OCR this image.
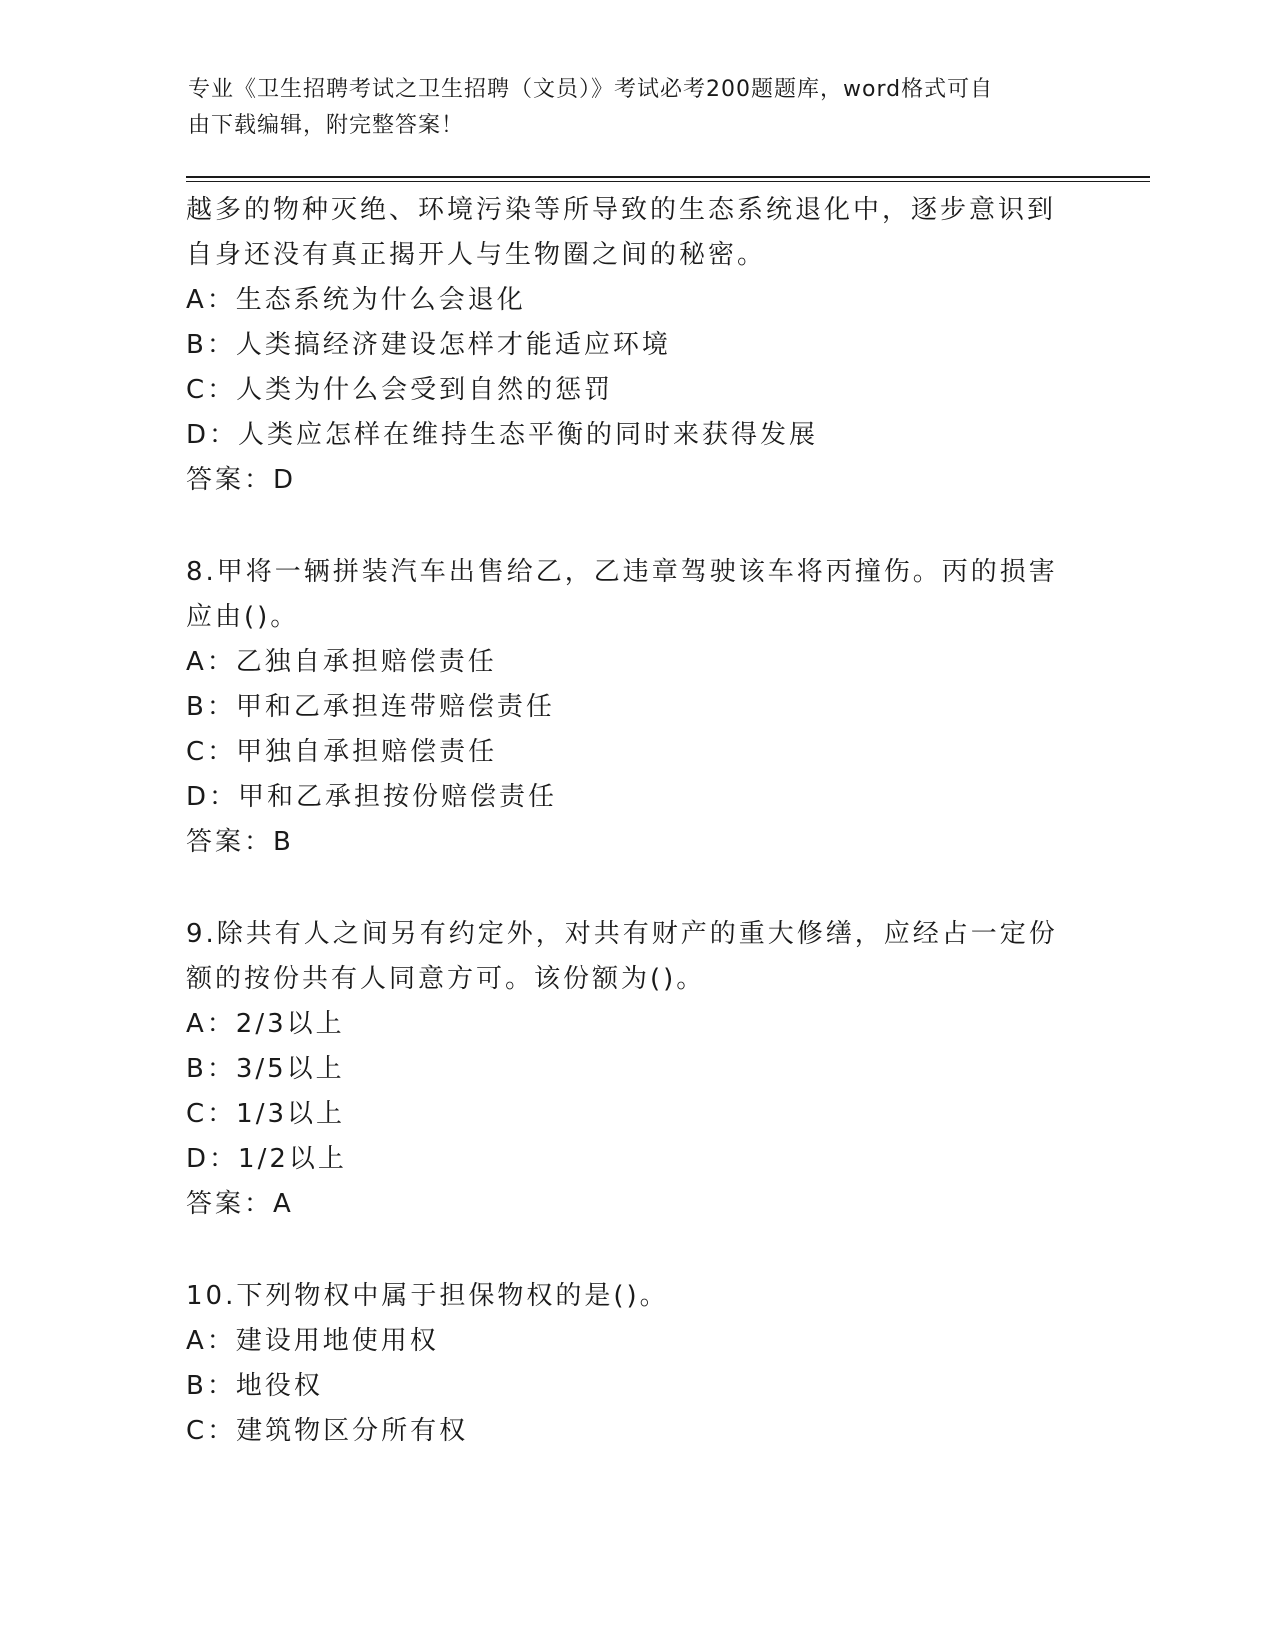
专业《卫生招聘考试之卫生招聘（文员）》考试必考200题题库，word格式可自
由下载编辑，附完整答案！
越多的物种灭绝、环境污染等所导致的生态系统退化中，逐步意识到
自身还没有真正揭开人与生物圈之间的秘密。
A：生态系统为什么会退化
B：人类搞经济建设怎样才能适应环境
C：人类为什么会受到自然的惩罚
D：人类应怎样在维持生态平衡的同时来获得发展
答案：D
8.甲将一辆拼装汽车出售给乙，乙违章驾驶该车将丙撞伤。丙的损害
应由()。
A：乙独自承担赔偿责任
B：甲和乙承担连带赔偿责任
C：甲独自承担赔偿责任
D：甲和乙承担按份赔偿责任
答案：B
9.除共有人之间另有约定外，对共有财产的重大修缮，应经占一定份
额的按份共有人同意方可。该份额为()。
A：2/3以上
B：3/5以上
C：1/3以上
D：1/2以上
答案：A
10.下列物权中属于担保物权的是()。
A：建设用地使用权
B：地役权
C：建筑物区分所有权
